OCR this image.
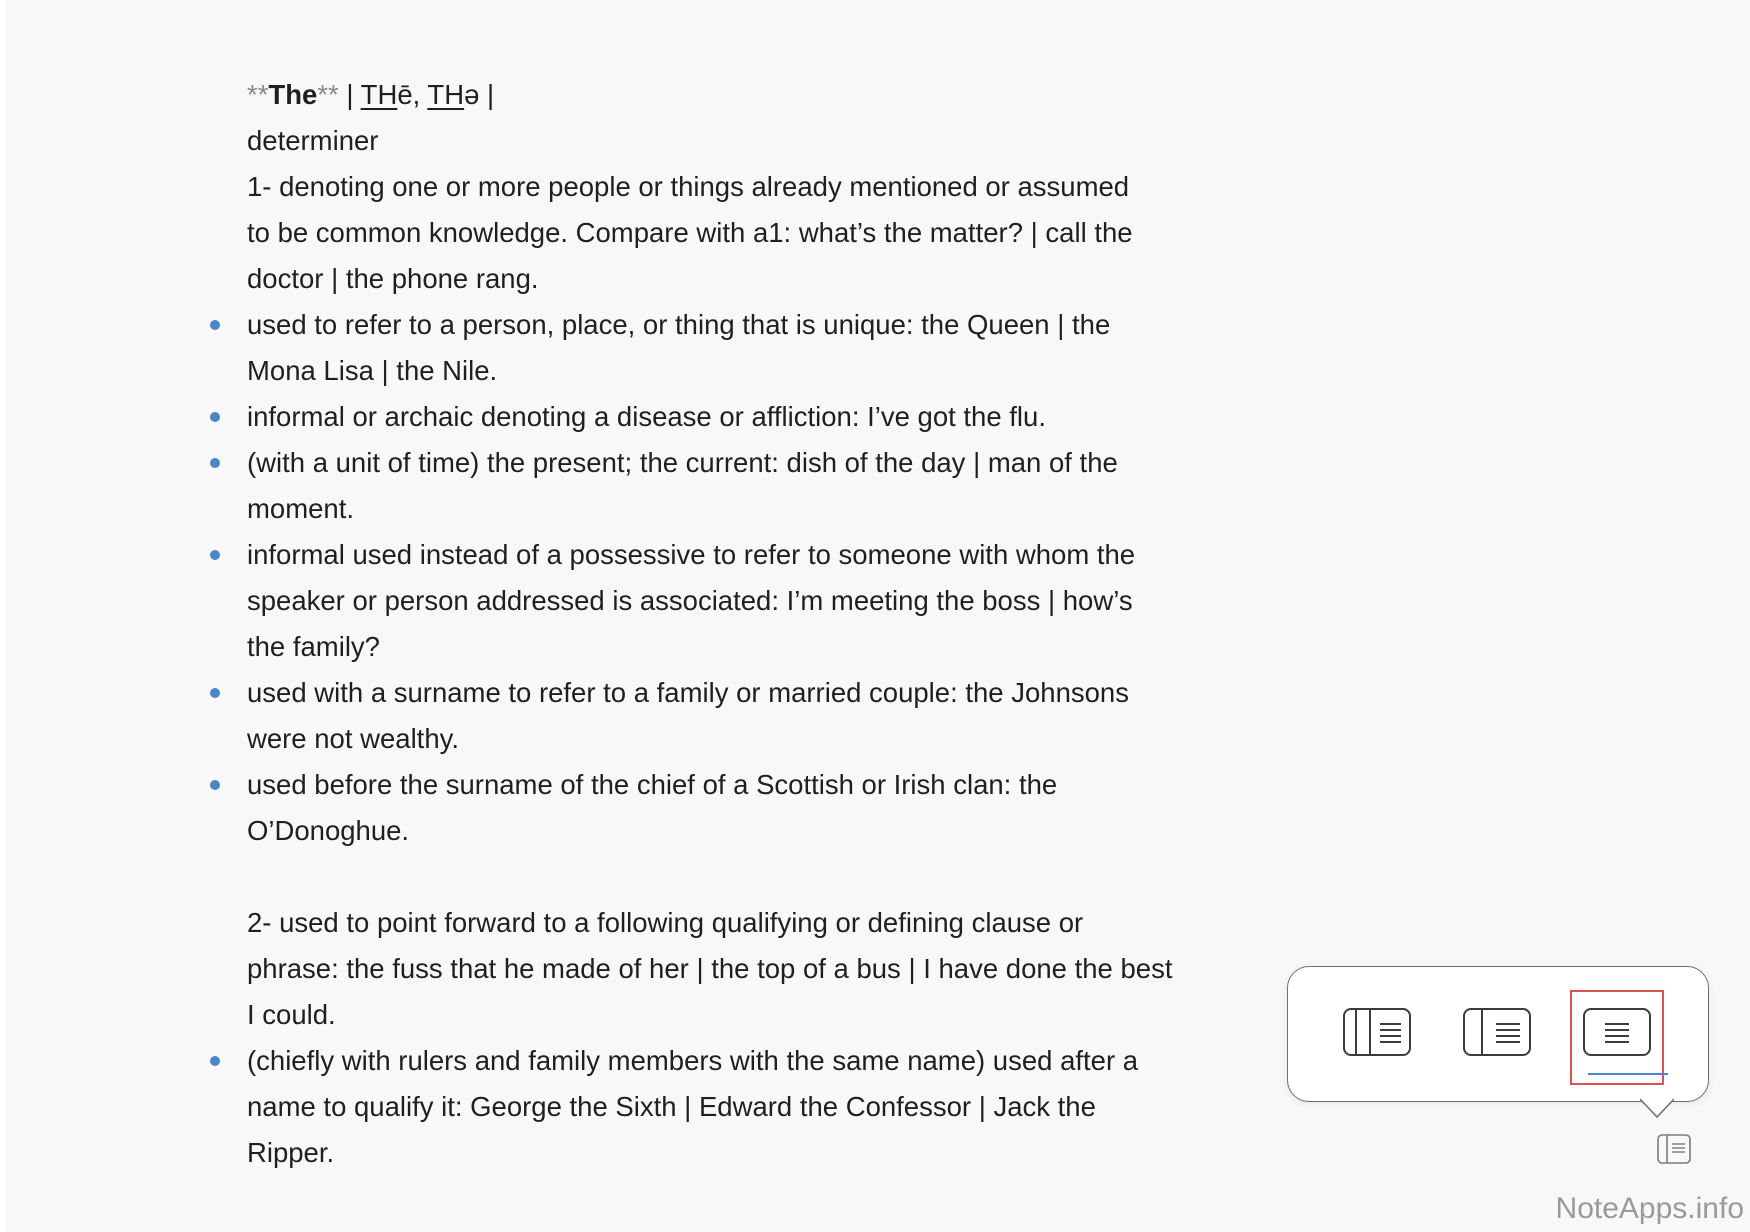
**The** | THē, THə |
determiner
1- denoting one or more people or things already mentioned or assumed
to be common knowledge. Compare with a1: what’s the matter? | call the
doctor | the phone rang.
used to refer to a person, place, or thing that is unique: the Queen | the
Mona Lisa | the Nile.
informal or archaic denoting a disease or affliction: I’ve got the flu.
(with a unit of time) the present; the current: dish of the day | man of the
moment.
informal used instead of a possessive to refer to someone with whom the
speaker or person addressed is associated: I’m meeting the boss | how’s
the family?
used with a surname to refer to a family or married couple: the Johnsons
were not wealthy.
used before the surname of the chief of a Scottish or Irish clan: the
O’Donoghue.
2- used to point forward to a following qualifying or defining clause or
phrase: the fuss that he made of her | the top of a bus | I have done the best
I could.
(chiefly with rulers and family members with the same name) used after a
name to qualify it: George the Sixth | Edward the Confessor | Jack the
Ripper.
NoteApps.info
